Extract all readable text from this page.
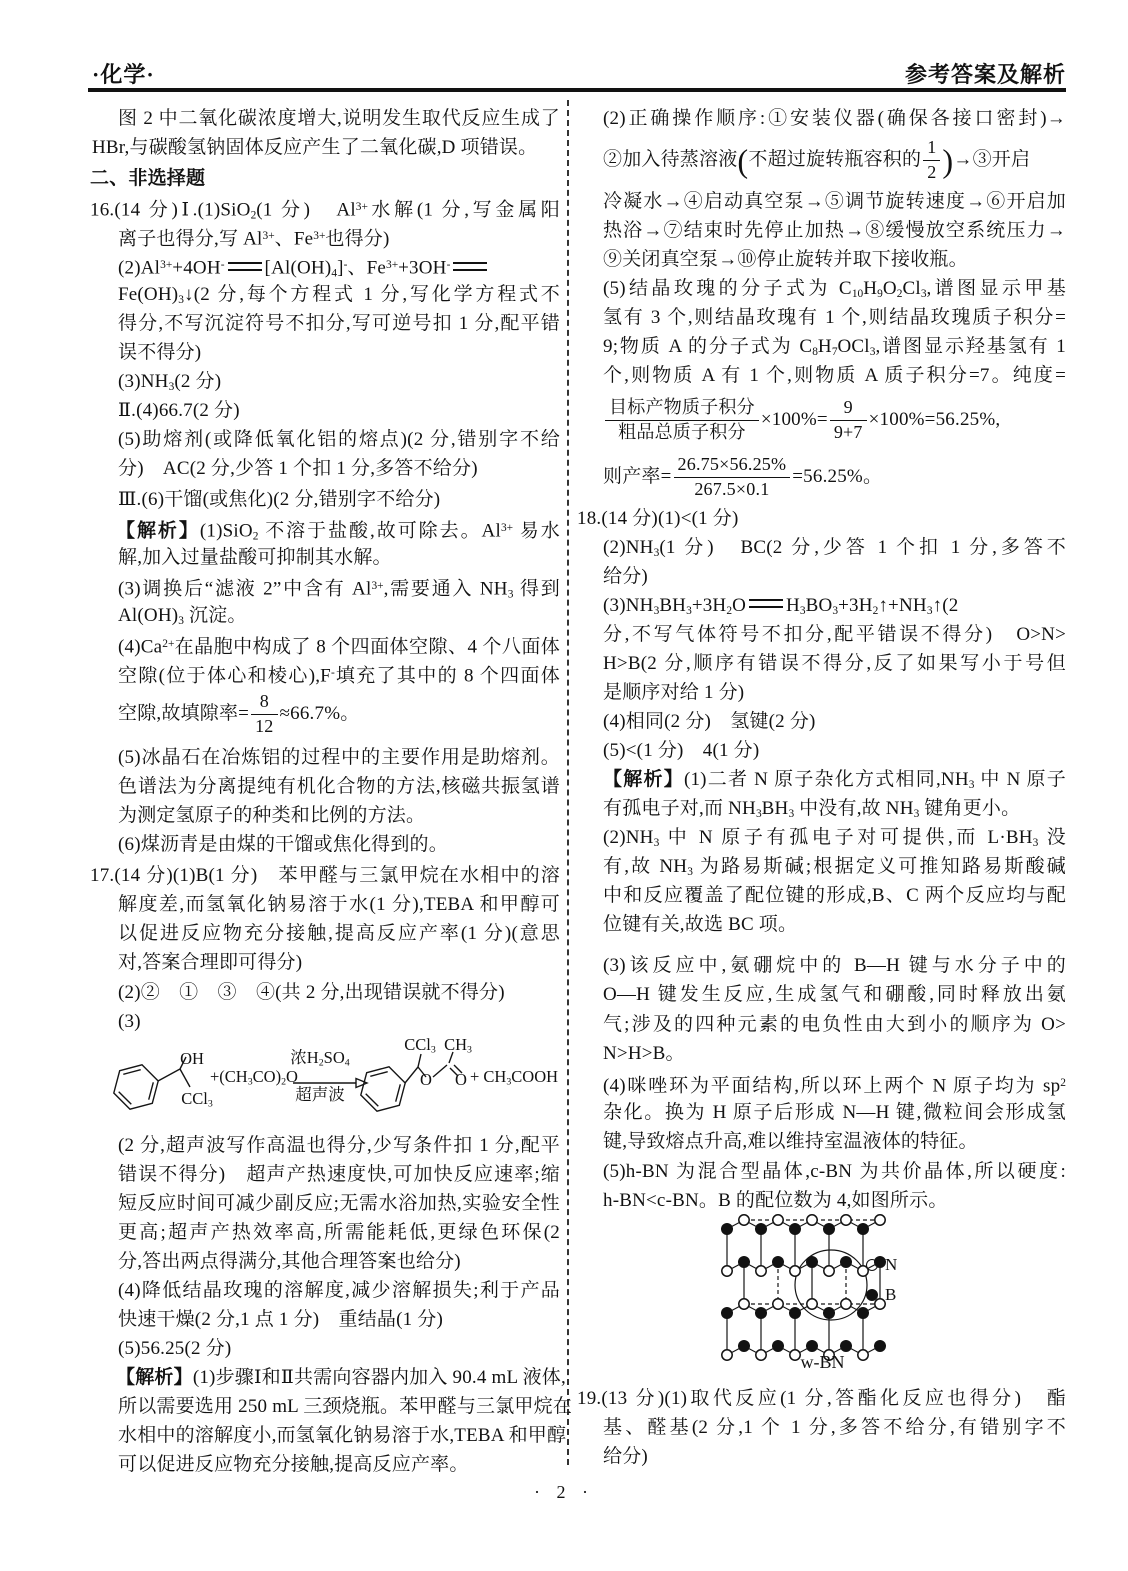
·化学·	参考答案及解析
图 2 中二氧化碳浓度增大,说明发生取代反应生成了
HBr,与碳酸氢钠固体反应产生了二氧化碳,D 项错误。
二、非选择题
16.(14 分)Ⅰ.(1)SiO$_2$(1 分)　$Al^{3+}$水解(1 分,写金属阳
离子也得分,写 $Al^{3+}$、$Fe^{3+}$也得分)
$(2)Al^{3+}+4OH^-$ $[Al(OH)_4]^-$、$Fe^{3+}+3OH^-$
$Fe(OH)_3↓(2$ 分,每个方程式 1 分,写化学方程式不
得分,不写沉淀符号不扣分,写可逆号扣 1 分,配平错
误不得分)
$(3)NH_3(2$ 分)
Ⅱ.(4)66.7(2 分)
(5)助熔剂(或降低氧化铝的熔点)(2 分,错别字不给
分)　AC(2 分,少答 1 个扣 1 分,多答不给分)
Ⅲ.(6)干馏(或焦化)(2 分,错别字不给分)
【解析】(1)SiO$_2$ 不溶于盐酸,故可除去。$Al^{3+}$ 易水
解,加入过量盐酸可抑制其水解。
(3)调换后“滤液 2”中含有 $Al^{3+}$,需要通入 $NH_3$ 得到
$Al(OH)_3$ 沉淀。
$(4)Ca^{2+}$在晶胞中构成了 8 个四面体空隙、4 个八面体
空隙(位于体心和棱心),F-填充了其中的 8 个四面体
空隙,故填隙率= $\frac{8}{12} \approx 66.7\%$。
(5)冰晶石在冶炼铝的过程中的主要作用是助熔剂。
色谱法为分离提纯有机化合物的方法,核磁共振氢谱
为测定氢原子的种类和比例的方法。
(6)煤沥青是由煤的干馏或焦化得到的。
17.(14 分)(1)B(1 分)　苯甲醛与三氯甲烷在水相中的溶
解度差,而氢氧化钠易溶于水(1 分),TEBA 和甲醇可
以促进反应物充分接触,提高反应产率(1 分)(意思
对,答案合理即可得分)
(2)②　①　③　④(共 2 分,出现错误就不得分)
(3)
(2 分,超声波写作高温也得分,少写条件扣 1 分,配平
错误不得分)　超声产热速度快,可加快反应速率;缩
短反应时间可减少副反应;无需水浴加热,实验安全性
更高;超声产热效率高,所需能耗低,更绿色环保(2
分,答出两点得满分,其他合理答案也给分)
(4)降低结晶玫瑰的溶解度,减少溶解损失;利于产品
快速干燥(2 分,1 点 1 分)　重结晶(1 分)
(5)56.25(2 分)
【解析】(1)步骤Ⅰ和Ⅱ共需向容器内加入 90.4 mL 液体,
所以需要选用 250 mL 三颈烧瓶。苯甲醛与三氯甲烷在
水相中的溶解度小,而氢氧化钠易溶于水,TEBA 和甲醇
可以促进反应物充分接触,提高反应产率。
(2)正确操作顺序:①安装仪器(确保各接口密封)→
②加入待蒸溶液(不超过旋转瓶容积的 $\frac{1}{2}$ )→③开启
冷凝水→④启动真空泵→⑤调节旋转速度→⑥开启加
热浴→⑦结束时先停止加热→⑧缓慢放空系统压力→
⑨关闭真空泵→⑩停止旋转并取下接收瓶。
(5)结晶玫瑰的分子式为 $C_{10}H_9O_2Cl_3$,谱图显示甲基
氢有 3 个,则结晶玫瑰有 1 个,则结晶玫瑰质子积分=
9;物质 A 的分子式为 $C_8H_7OCl_3$,谱图显示羟基氢有 1
个,则物质 A 有 1 个,则物质 A 质子积分=7。纯度=
$\frac{\text{目标产物质子积分}}{\text{粗品总质子积分}} \times 100\%= \frac{9}{9+7} \times 100\%=56.25\%$,
则产率= $\frac{26.75\times 56.25\%}{267.5\times 0.1} =56.25\%$。
18.(14 分)(1)<(1 分)
$(2)NH_3(1$ 分)　BC(2 分,少答 1 个扣 1 分,多答不
给分)
$(3)NH_3BH_3+3H_2O$ $H_3BO_3+3H_2↑+NH_3↑(2$
分,不写气体符号不扣分,配平错误不得分)　O>N>
H>B(2 分,顺序有错误不得分,反了如果写小于号但
是顺序对给 1 分)
(4)相同(2 分)　氢键(2 分)
(5)<(1 分)　4(1 分)
【解析】(1)二者 N 原子杂化方式相同$,NH_3$ 中 N 原子
有孤电子对,而 $NH_3BH_3$ 中没有,故 $NH_3$ 键角更小。
$(2)NH_3$ 中 N 原子有孤电子对可提供,而 $L\cdot BH_3$ 没
有,故 $NH_3$ 为路易斯碱;根据定义可推知路易斯酸碱
中和反应覆盖了配位键的形成,B、C 两个反应均与配
位键有关,故选 BC 项。
(3)该反应中,氨硼烷中的 B—H 键与水分子中的
O—H 键发生反应,生成氢气和硼酸,同时释放出氨
气;涉及的四种元素的电负性由大到小的顺序为 O>
N>H>B。
(4)咪唑环为平面结构,所以环上两个 N 原子均为 $sp^2$
杂化。换为 H 原子后形成 N—H 键,微粒间会形成氢
键,导致熔点升高,难以维持室温液体的特征。
(5)h-BN 为混合型晶体,c-BN 为共价晶体,所以硬度:
h-BN<c-BN。B 的配位数为 4,如图所示。
19.(13 分)(1)取代反应(1 分,答酯化反应也得分)　酯
基、醛基(2 分,1 个 1 分,多答不给分,有错别字不
给分)
OH
CCl$_3$
$+(CH_3CO)_2O$
浓$H_2SO_4$
超声波
CCl$_3$ $CH_3$
O $O + CH_3COOH$
N
B
w-BN
· 2 ·
